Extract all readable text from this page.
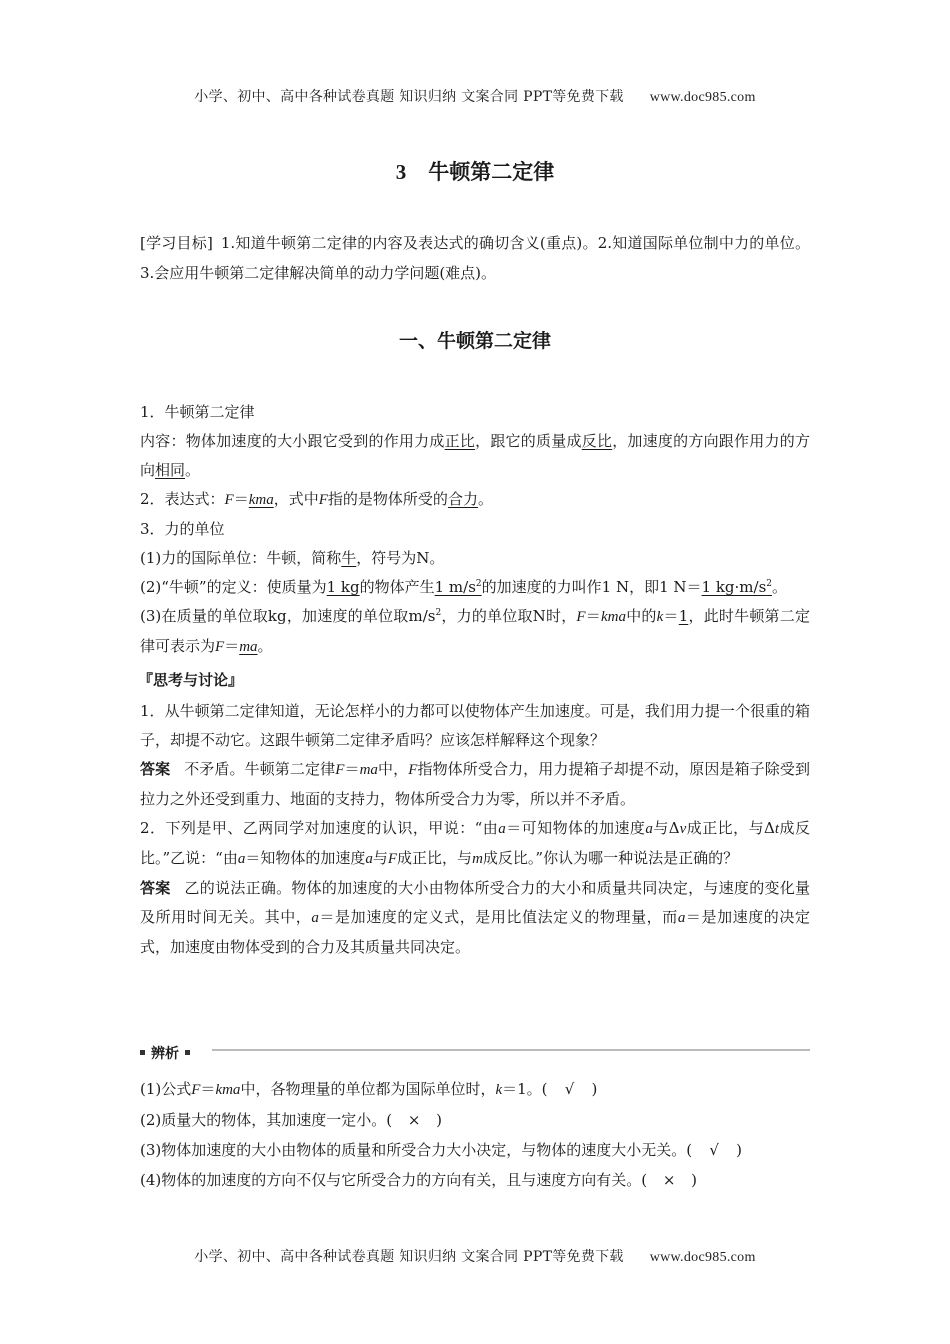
小学、初中、高中各种试卷真题 知识归纳 文案合同 PPT等免费下载 www.doc985.com
3 牛顿第二定律

[学习目标] 1.知道牛顿第二定律的内容及表达式的确切含义(重点)。2.知道国际单位制中力的单位。3.会应用牛顿第二定律解决简单的动力学问题(难点)。

一、牛顿第二定律

1．牛顿第二定律

内容：物体加速度的大小跟它受到的作用力成正比，跟它的质量成反比，加速度的方向跟作用力的方向相同。

2．表达式：F＝kma，式中F指的是物体所受的合力。

3．力的单位

(1)力的国际单位：牛顿，简称牛，符号为N。

(2)“牛顿”的定义：使质量为1 kg的物体产生1 $m/s^2$的加速度的力叫作1 N，即1 N＝1 $kg\cdot m/s^2$。

(3)在质量的单位取kg，加速度的单位取$m/s^2$，力的单位取N时，F＝kma中的k＝1，此时牛顿第二定律可表示为F＝ma。

『思考与讨论』

1．从牛顿第二定律知道，无论怎样小的力都可以使物体产生加速度。可是，我们用力提一个很重的箱子，却提不动它。这跟牛顿第二定律矛盾吗？应该怎样解释这个现象？

答案 不矛盾。牛顿第二定律F＝ma中，F指物体所受合力，用力提箱子却提不动，原因是箱子除受到拉力之外还受到重力、地面的支持力，物体所受合力为零，所以并不矛盾。

2．下列是甲、乙两同学对加速度的认识，甲说：“由a＝可知物体的加速度a与Δv成正比，与Δt成反比。”乙说：“由a＝知物体的加速度a与F成正比，与m成反比。”你认为哪一种说法是正确的？

答案 乙的说法正确。物体的加速度的大小由物体所受合力的大小和质量共同决定，与速度的变化量及所用时间无关。其中，a＝是加速度的定义式，是用比值法定义的物理量，而a＝是加速度的决定式，加速度由物体受到的合力及其质量共同决定。

辨析

(1)公式F＝kma中，各物理量的单位都为国际单位时，k＝1。( √ )

(2)质量大的物体，其加速度一定小。( × )

(3)物体加速度的大小由物体的质量和所受合力大小决定，与物体的速度大小无关。( √ )

(4)物体的加速度的方向不仅与它所受合力的方向有关，且与速度方向有关。( × )

小学、初中、高中各种试卷真题 知识归纳 文案合同 PPT等免费下载 www.doc985.com
